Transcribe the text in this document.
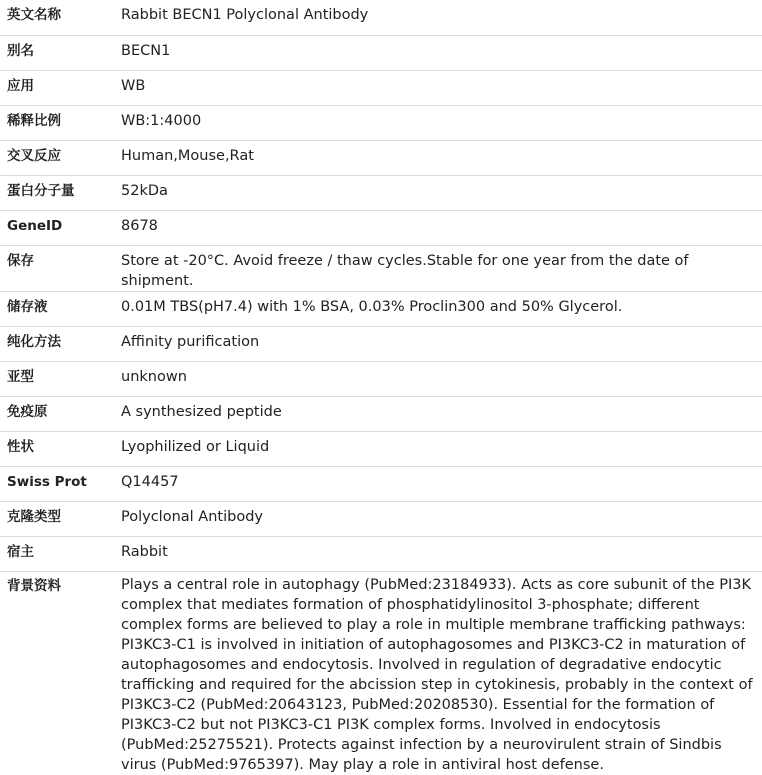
英文名称	Rabbit BECN1 Polyclonal Antibody
别名	BECN1
应用	WB
稀释比例	WB:1:4000
交叉反应	Human,Mouse,Rat
蛋白分子量	52kDa
GeneID	8678
保存	Store at -20°C. Avoid freeze / thaw cycles.Stable for one year from the date of shipment.
储存液	0.01M TBS(pH7.4) with 1% BSA, 0.03% Proclin300 and 50% Glycerol.
纯化方法	Affinity purification
亚型	unknown
免疫原	A synthesized peptide
性状	Lyophilized or Liquid
Swiss Prot	Q14457
克隆类型	Polyclonal Antibody
宿主	Rabbit
背景资料	Plays a central role in autophagy (PubMed:23184933). Acts as core subunit of the PI3K complex that mediates formation of phosphatidylinositol 3-phosphate; different complex forms are believed to play a role in multiple membrane trafficking pathways: PI3KC3-C1 is involved in initiation of autophagosomes and PI3KC3-C2 in maturation of autophagosomes and endocytosis. Involved in regulation of degradative endocytic trafficking and required for the abcission step in cytokinesis, probably in the context of PI3KC3-C2 (PubMed:20643123, PubMed:20208530). Essential for the formation of PI3KC3-C2 but not PI3KC3-C1 PI3K complex forms. Involved in endocytosis (PubMed:25275521). Protects against infection by a neurovirulent strain of Sindbis virus (PubMed:9765397). May play a role in antiviral host defense.
